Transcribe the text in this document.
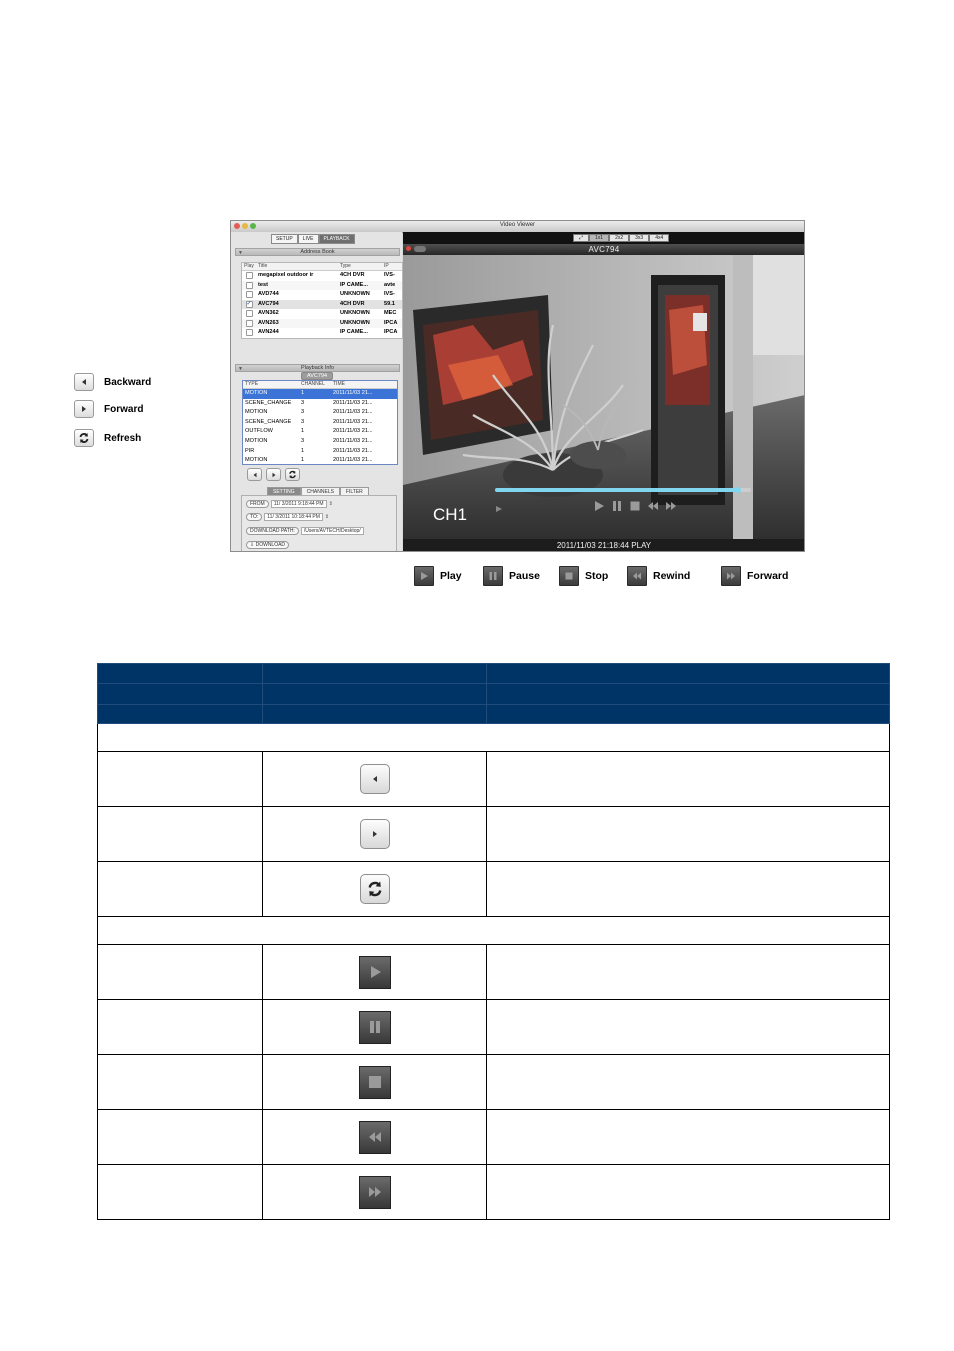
Backward
Forward
Refresh
Video Viewer
SETUP	LIVE	PLAYBACK
▼	Address Book
Play Title	Type	IP
megapixel outdoor ir	4CH DVR	IVS-
test	IP CAME...	avte
AVD744	UNKNOWN	IVS-
✓	AVC794	4CH DVR	59.1
AVN362	UNKNOWN	MEC
AVN263	UNKNOWN	IPCA
AVN244	IP CAME...	IPCA
▼	Playback Info
AVC794
TYPE	CHANNEL	TIME
MOTION	1	2011/11/03 21...
SCENE_CHANGE	3	2011/11/03 21...
MOTION	3	2011/11/03 21...
SCENE_CHANGE	3	2011/11/03 21...
OUTFLOW	1	2011/11/03 21...
MOTION	3	2011/11/03 21...
PIR	1	2011/11/03 21...
MOTION	1	2011/11/03 21...
SETTING	CHANNELS	FILTER
FROM	11/ 3/2011 9:18:44 PM	⇕
TO:	11/ 3/2011 10:18:44 PM	⇕
DOWNLOAD PATH:	/Users/AVTECH/Desktop/
⇩ DOWNLOAD
⤢	1x1	2x2	3x3	4x4
AVC794
CH1
2011/11/03 21:18:44 PLAY
Play	Pause	Stop	Rewind	Forward
